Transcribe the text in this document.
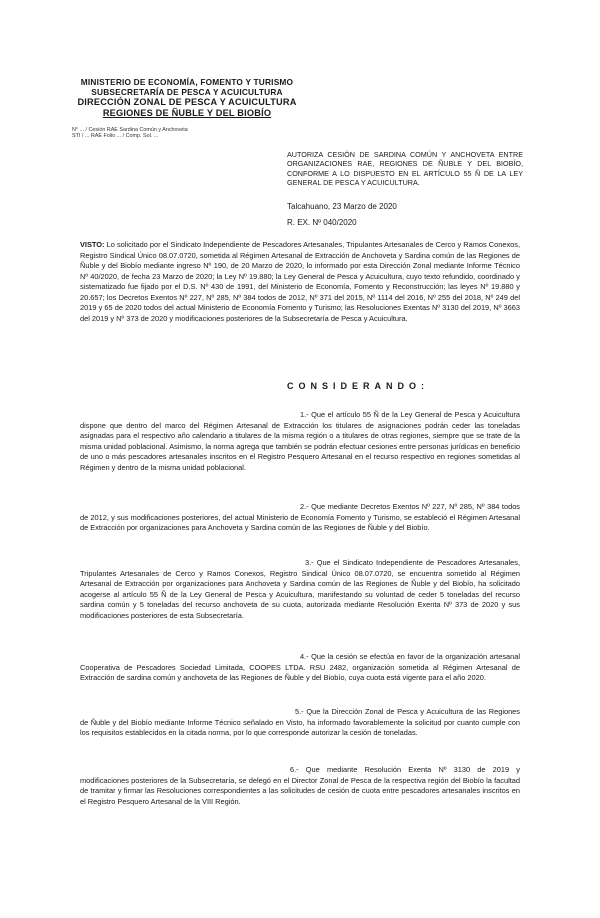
MINISTERIO DE ECONOMÍA, FOMENTO Y TURISMO
SUBSECRETARÍA DE PESCA Y ACUICULTURA
DIRECCIÓN ZONAL DE PESCA Y ACUICULTURA
REGIONES DE ÑUBLE Y DEL BIOBÍO
N° ... / Cesión RAE Sardina Común y Anchoveta
STI / ... RAE Folio ... / Comp. Sol. ...
AUTORIZA CESIÓN DE SARDINA COMÚN Y ANCHOVETA ENTRE ORGANIZACIONES RAE, REGIONES DE ÑUBLE Y DEL BIOBÍO, CONFORME A LO DISPUESTO EN EL ARTÍCULO 55 Ñ DE LA LEY GENERAL DE PESCA Y ACUICULTURA.
Talcahuano, 23 Marzo de 2020
R. EX. Nº 040/2020
VISTO: Lo solicitado por el Sindicato Independiente de Pescadores Artesanales, Tripulantes Artesanales de Cerco y Ramos Conexos, Registro Sindical Único 08.07.0720, sometida al Régimen Artesanal de Extracción de Anchoveta y Sardina común de las Regiones de Ñuble y del Biobío mediante ingreso Nº 190, de 20 Marzo de 2020, lo informado por esta Dirección Zonal mediante Informe Técnico Nº 40/2020, de fecha 23 Marzo de 2020; la Ley Nº 19.880; la Ley General de Pesca y Acuicultura, cuyo texto refundido, coordinado y sistematizado fue fijado por el D.S. Nº 430 de 1991, del Ministerio de Economía, Fomento y Reconstrucción; las leyes Nº 19.880 y 20.657; los Decretos Exentos Nº 227, Nº 285, Nº 384 todos de 2012, Nº 371 del 2015, Nº 1114 del 2016, Nº 255 del 2018, Nº 249 del 2019 y 65 de 2020 todos del actual Ministerio de Economía Fomento y Turismo; las Resoluciones Exentas Nº 3130 del 2019, Nº 3663 del 2019 y Nº 373 de 2020 y modificaciones posteriores de la Subsecretaría de Pesca y Acuicultura.
CONSIDERANDO:
1.- Que el artículo 55 Ñ de la Ley General de Pesca y Acuicultura dispone que dentro del marco del Régimen Artesanal de Extracción los titulares de asignaciones podrán ceder las toneladas asignadas para el respectivo año calendario a titulares de la misma región o a titulares de otras regiones, siempre que se trate de la misma unidad poblacional. Asimismo, la norma agrega que también se podrán efectuar cesiones entre personas jurídicas en beneficio de uno o más pescadores artesanales inscritos en el Registro Pesquero Artesanal en el recurso respectivo en regiones sometidas al Régimen y dentro de la misma unidad poblacional.
2.- Que mediante Decretos Exentos Nº 227, Nº 285, Nº 384 todos de 2012, y sus modificaciones posteriores, del actual Ministerio de Economía Fomento y Turismo, se estableció el Régimen Artesanal de Extracción por organizaciones para Anchoveta y Sardina común de las Regiones de Ñuble y del Biobío.
3.- Que el Sindicato Independiente de Pescadores Artesanales, Tripulantes Artesanales de Cerco y Ramos Conexos, Registro Sindical Único 08.07.0720, se encuentra sometido al Régimen Artesanal de Extracción por organizaciones para Anchoveta y Sardina común de las Regiones de Ñuble y del Biobío, ha solicitado acogerse al artículo 55 Ñ de la Ley General de Pesca y Acuicultura, manifestando su voluntad de ceder 5 toneladas del recurso sardina común y 5 toneladas del recurso anchoveta de su cuota, autorizada mediante Resolución Exenta Nº 373 de 2020 y sus modificaciones posteriores de esta Subsecretaría.
4.- Que la cesión se efectúa en favor de la organización artesanal Cooperativa de Pescadores Sociedad Limitada, COOPES LTDA. RSU 2482, organización sometida al Régimen Artesanal de Extracción de sardina común y anchoveta de las Regiones de Ñuble y del Biobío, cuya cuota está vigente para el año 2020.
5.- Que la Dirección Zonal de Pesca y Acuicultura de las Regiones de Ñuble y del Biobío mediante Informe Técnico señalado en Visto, ha informado favorablemente la solicitud por cuanto cumple con los requisitos establecidos en la citada norma, por lo que corresponde autorizar la cesión de toneladas.
6.- Que mediante Resolución Exenta Nº 3130 de 2019 y modificaciones posteriores de la Subsecretaría, se delegó en el Director Zonal de Pesca de la respectiva región del Biobío la facultad de tramitar y firmar las Resoluciones correspondientes a las solicitudes de cesión de cuota entre pescadores artesanales inscritos en el Registro Pesquero Artesanal de la VIII Región.
